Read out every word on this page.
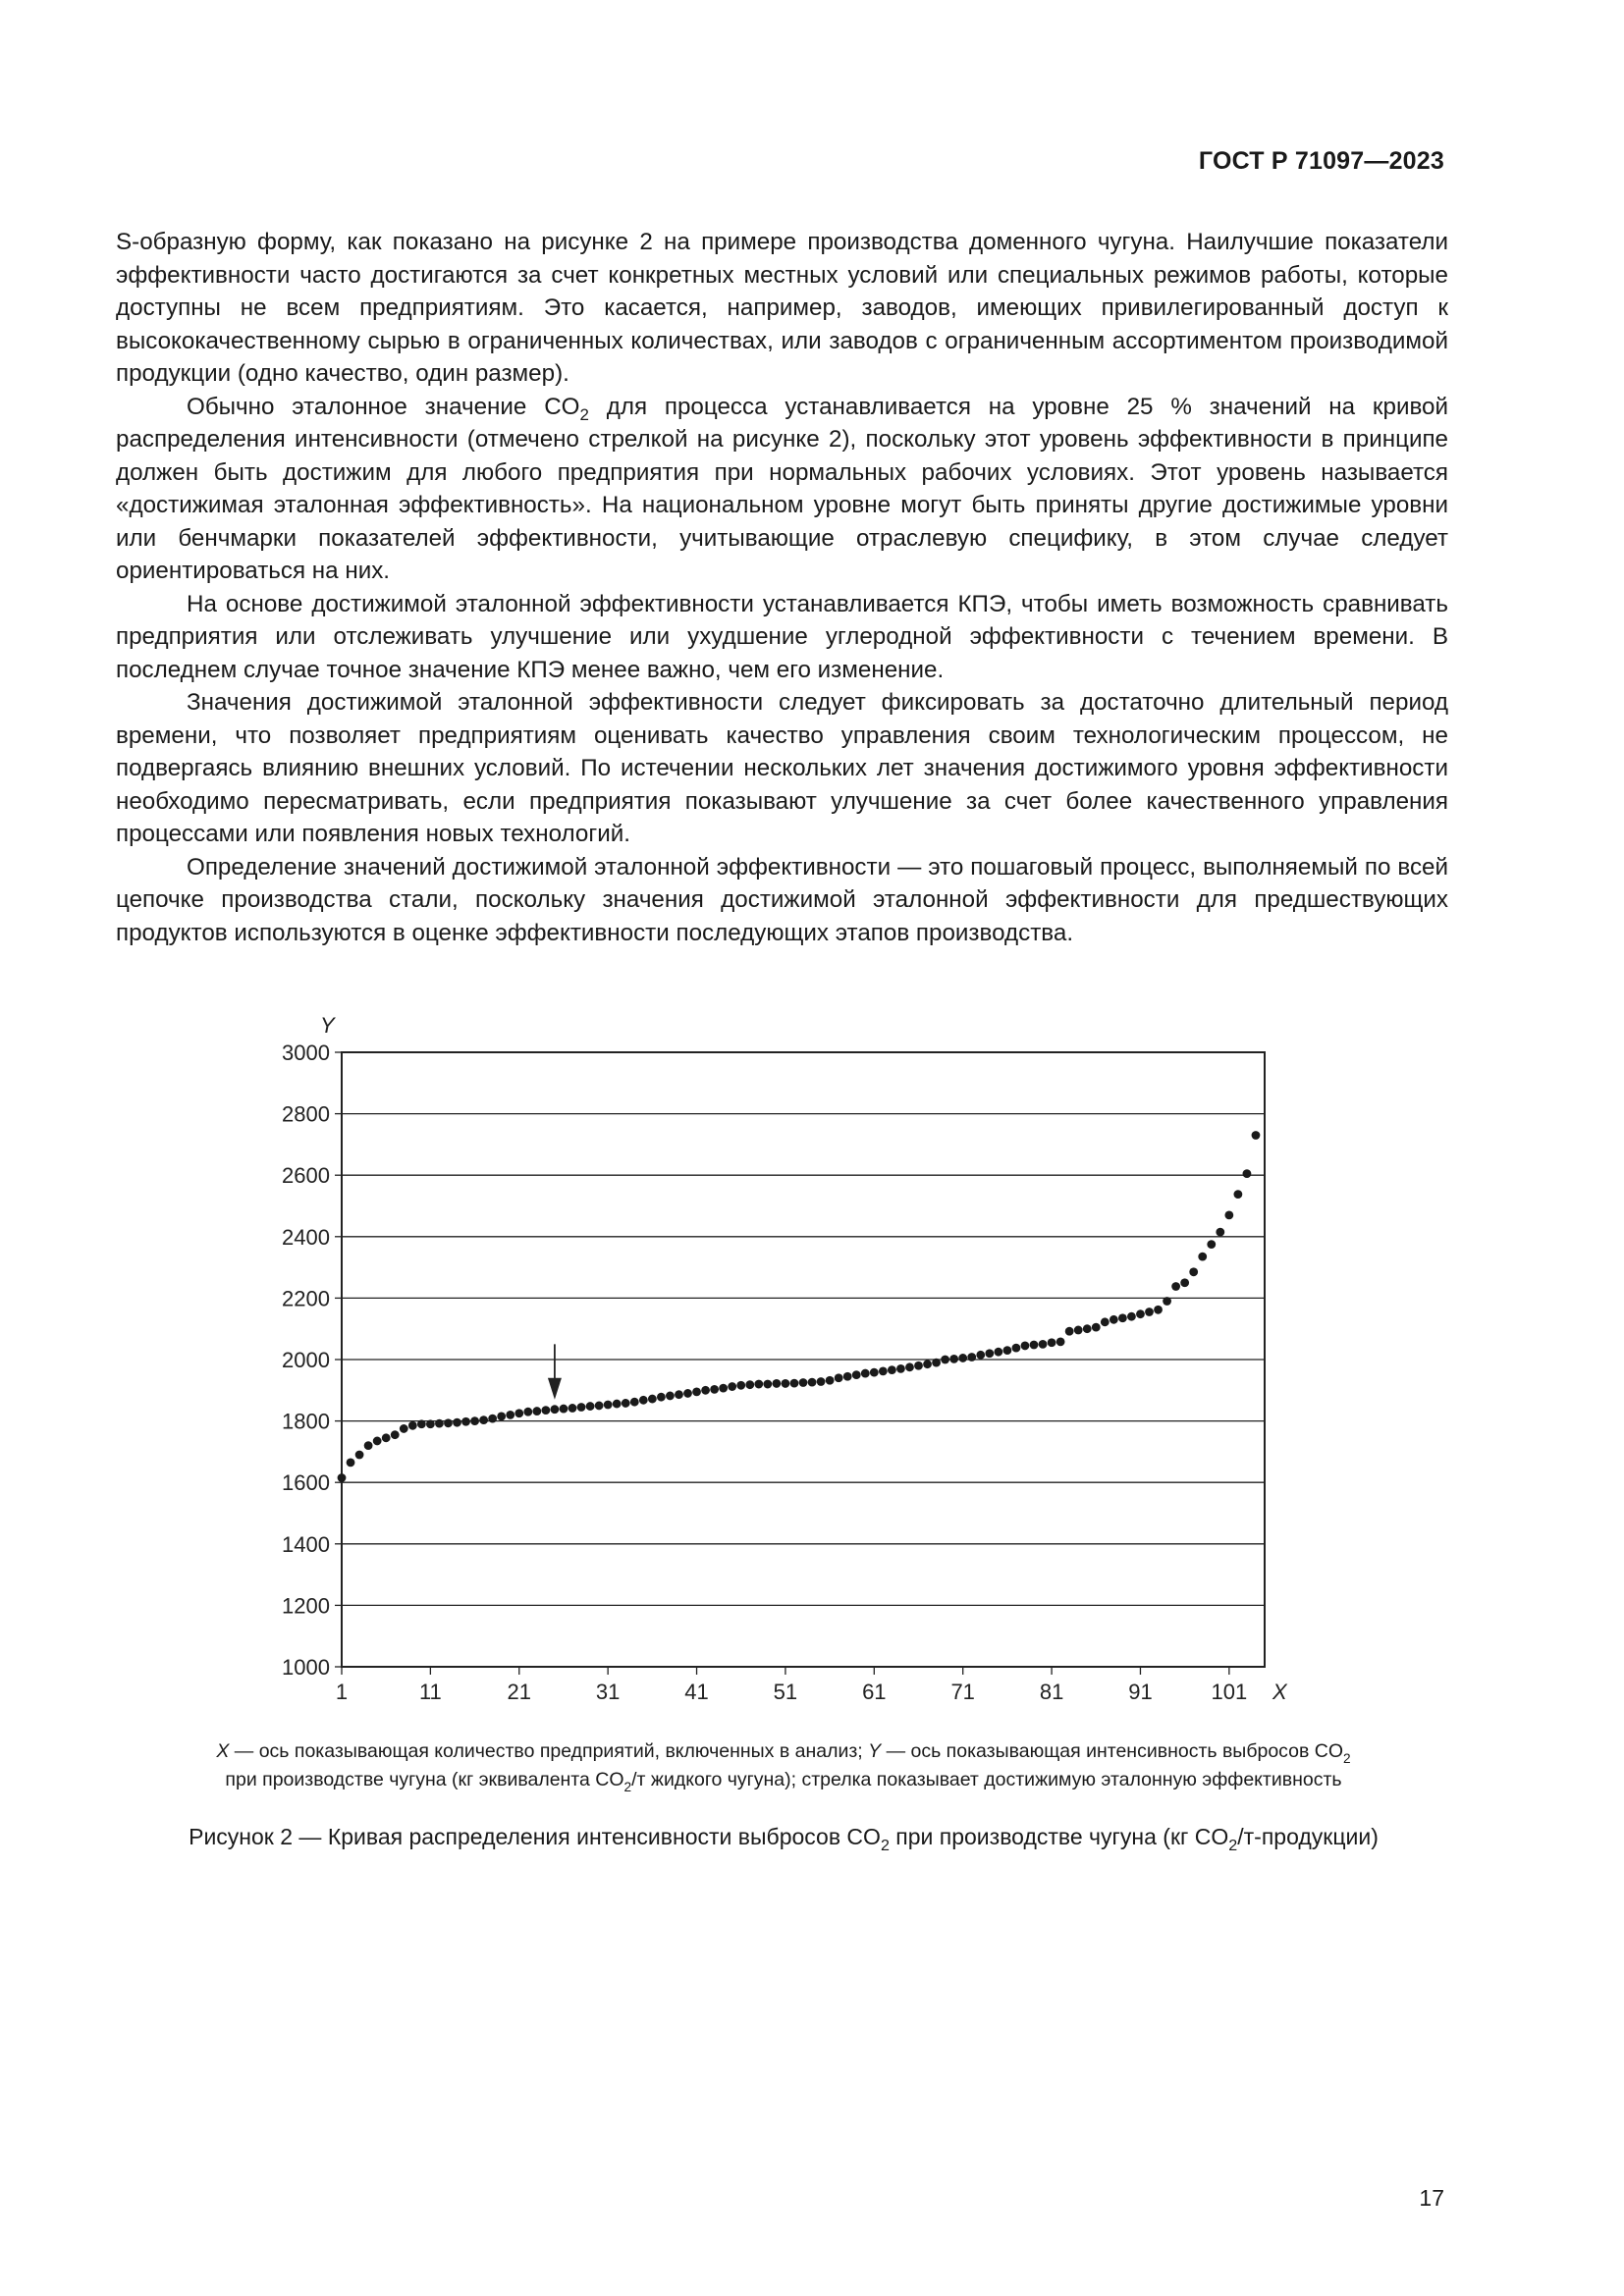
ГОСТ Р 71097—2023

S-образную форму, как показано на рисунке 2 на примере производства доменного чугуна. Наилучшие показатели эффективности часто достигаются за счет конкретных местных условий или специальных режимов работы, которые доступны не всем предприятиям. Это касается, например, заводов, имеющих привилегированный доступ к высококачественному сырью в ограниченных количествах, или заводов с ограниченным ассортиментом производимой продукции (одно качество, один размер).

Обычно эталонное значение $CO_2$ для процесса устанавливается на уровне 25 % значений на кривой распределения интенсивности (отмечено стрелкой на рисунке 2), поскольку этот уровень эффективности в принципе должен быть достижим для любого предприятия при нормальных рабочих условиях. Этот уровень называется «достижимая эталонная эффективность». На национальном уровне могут быть приняты другие достижимые уровни или бенчмарки показателей эффективности, учитывающие отраслевую специфику, в этом случае следует ориентироваться на них.

На основе достижимой эталонной эффективности устанавливается КПЭ, чтобы иметь возможность сравнивать предприятия или отслеживать улучшение или ухудшение углеродной эффективности с течением времени. В последнем случае точное значение КПЭ менее важно, чем его изменение.

Значения достижимой эталонной эффективности следует фиксировать за достаточно длительный период времени, что позволяет предприятиям оценивать качество управления своим технологическим процессом, не подвергаясь влиянию внешних условий. По истечении нескольких лет значения достижимого уровня эффективности необходимо пересматривать, если предприятия показывают улучшение за счет более качественного управления процессами или появления новых технологий.

Определение значений достижимой эталонной эффективности — это пошаговый процесс, выполняемый по всей цепочке производства стали, поскольку значения достижимой эталонной эффективности для предшествующих продуктов используются в оценке эффективности последующих этапов производства.

1000
1200
1400
1600
1800
2000
2200
2400
2600
2800
3000
1	11	21	31	41	51	61	71	81	91	101
Y
X

X — ось показывающая количество предприятий, включенных в анализ; Y — ось показывающая интенсивность выбросов $CO_2$

при производстве чугуна (кг эквивалента $CO_2/т$ жидкого чугуна); стрелка показывает достижимую эталонную эффективность

Рисунок 2 — Кривая распределения интенсивности выбросов $CO_2$ при производстве чугуна (кг $CO_2/т-продукции$)
17
